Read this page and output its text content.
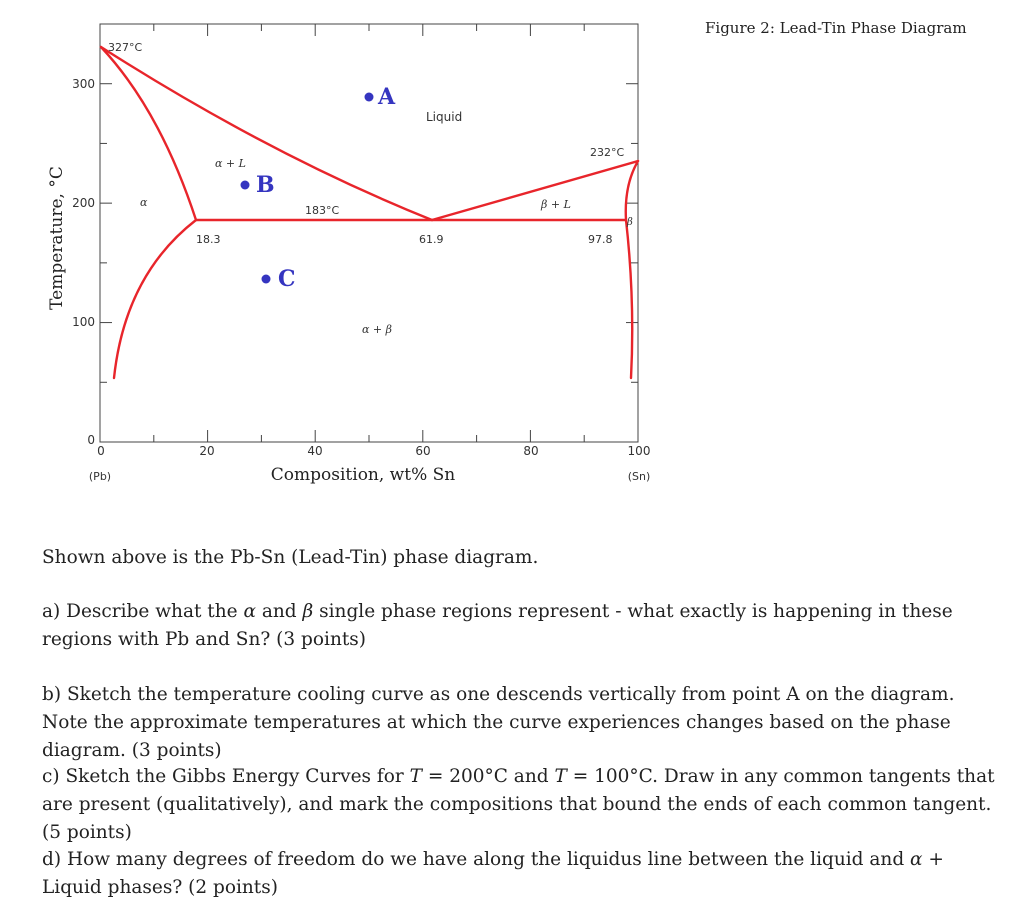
Figure 2: Lead-Tin Phase Diagram
300
200
100
0
0	20	40	60	80	100
(Pb)	(Sn)
Composition, wt% Sn
Temperature, °C
327°C
232°C
183°C
18.3	61.9	97.8
Liquid
α
α + L
β + L
α + β
β
A
B
C

Shown above is the Pb-Sn (Lead-Tin) phase diagram.

a) Describe what the α and β single phase regions represent - what exactly is happening in these regions with Pb and Sn? (3 points)

b) Sketch the temperature cooling curve as one descends vertically from point A on the diagram. Note the approximate temperatures at which the curve experiences changes based on the phase diagram. (3 points)

c) Sketch the Gibbs Energy Curves for T = 200°C and T = 100°C. Draw in any common tangents that are present (qualitatively), and mark the compositions that bound the ends of each common tangent. (5 points)

d) How many degrees of freedom do we have along the liquidus line between the liquid and α + Liquid phases? (2 points)
